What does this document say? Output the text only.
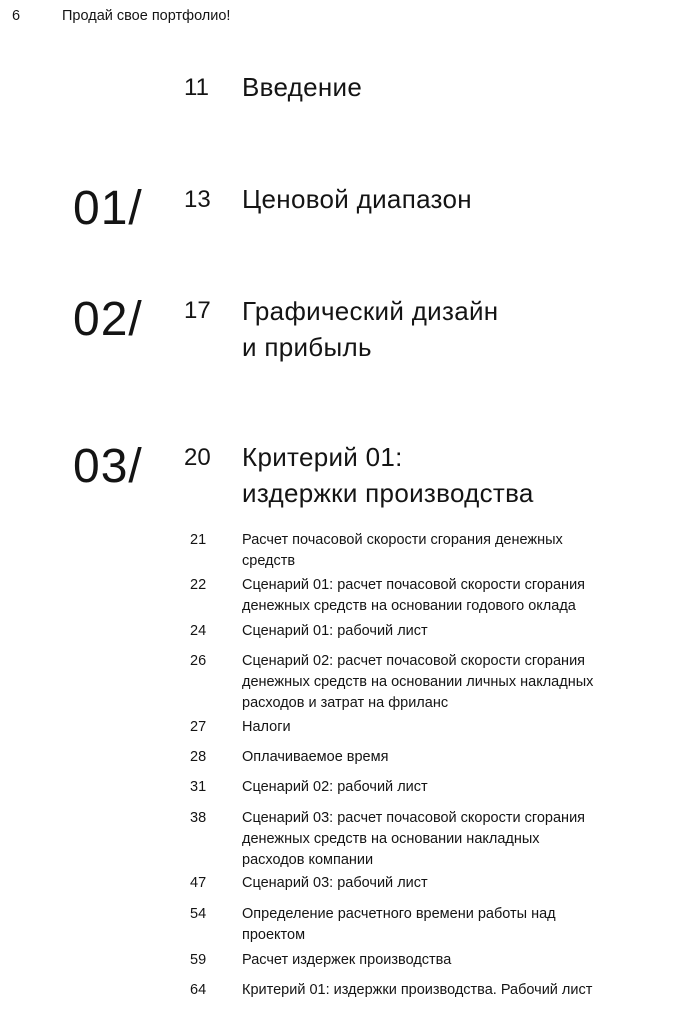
6	Продай свое портфолио!
11 Введение
01/ 13 Ценовой диапазон
02/ 17 Графический дизайн
и прибыль
03/ 20 Критерий 01:
издержки производства
21	Расчет почасовой скорости сгорания денежных
средств
22	Сценарий 01: расчет почасовой скорости сгорания
денежных средств на основании годового оклада
24	Сценарий 01: рабочий лист
26	Сценарий 02: расчет почасовой скорости сгорания
денежных средств на основании личных накладных
расходов и затрат на фриланс
27	Налоги
28	Оплачиваемое время
31	Сценарий 02: рабочий лист
38	Сценарий 03: расчет почасовой скорости сгорания
денежных средств на основании накладных
расходов компании
47	Сценарий 03: рабочий лист
54	Определение расчетного времени работы над
проектом
59	Расчет издержек производства
64	Критерий 01: издержки производства. Рабочий лист
